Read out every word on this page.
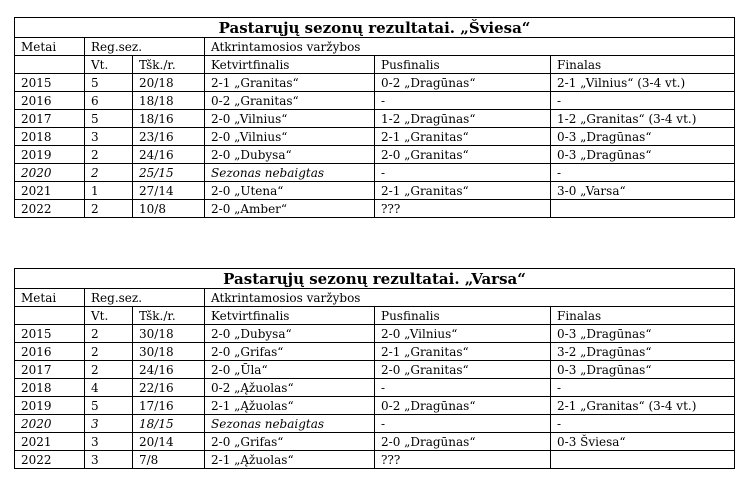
Pastarųjų sezonų rezultatai. „Šviesa“					
Metai	Reg.sez.		Atkrintamosios varžybos		
	Vt.	Tšk./r.	Ketvirtfinalis	Pusfinalis	Finalas
2015	5	20/18	2-1 „Granitas“	0-2 „Dragūnas“	2-1 „Vilnius“ (3-4 vt.)
2016	6	18/18	0-2 „Granitas“	-	-
2017	5	18/16	2-0 „Vilnius“	1-2 „Dragūnas“	1-2 „Granitas“ (3-4 vt.)
2018	3	23/16	2-0 „Vilnius“	2-1 „Granitas“	0-3 „Dragūnas“
2019	2	24/16	2-0 „Dubysa“	2-0 „Granitas“	0-3 „Dragūnas“
2020	2	25/15	Sezonas nebaigtas	-	-
2021	1	27/14	2-0 „Utena“	2-1 „Granitas“	3-0 „Varsa“
2022	2	10/8	2-0 „Amber“	???	
Pastarųjų sezonų rezultatai. „Varsa“					
Metai	Reg.sez.		Atkrintamosios varžybos		
	Vt.	Tšk./r.	Ketvirtfinalis	Pusfinalis	Finalas
2015	2	30/18	2-0 „Dubysa“	2-0 „Vilnius“	0-3 „Dragūnas“
2016	2	30/18	2-0 „Grifas“	2-1 „Granitas“	3-2 „Dragūnas“
2017	2	24/16	2-0 „Ūla“	2-0 „Granitas“	0-3 „Dragūnas“
2018	4	22/16	0-2 „Ąžuolas“	-	-
2019	5	17/16	2-1 „Ąžuolas“	0-2 „Dragūnas“	2-1 „Granitas“ (3-4 vt.)
2020	3	18/15	Sezonas nebaigtas	-	-
2021	3	20/14	2-0 „Grifas“	2-0 „Dragūnas“	0-3 Šviesa“
2022	3	7/8	2-1 „Ąžuolas“	???	
